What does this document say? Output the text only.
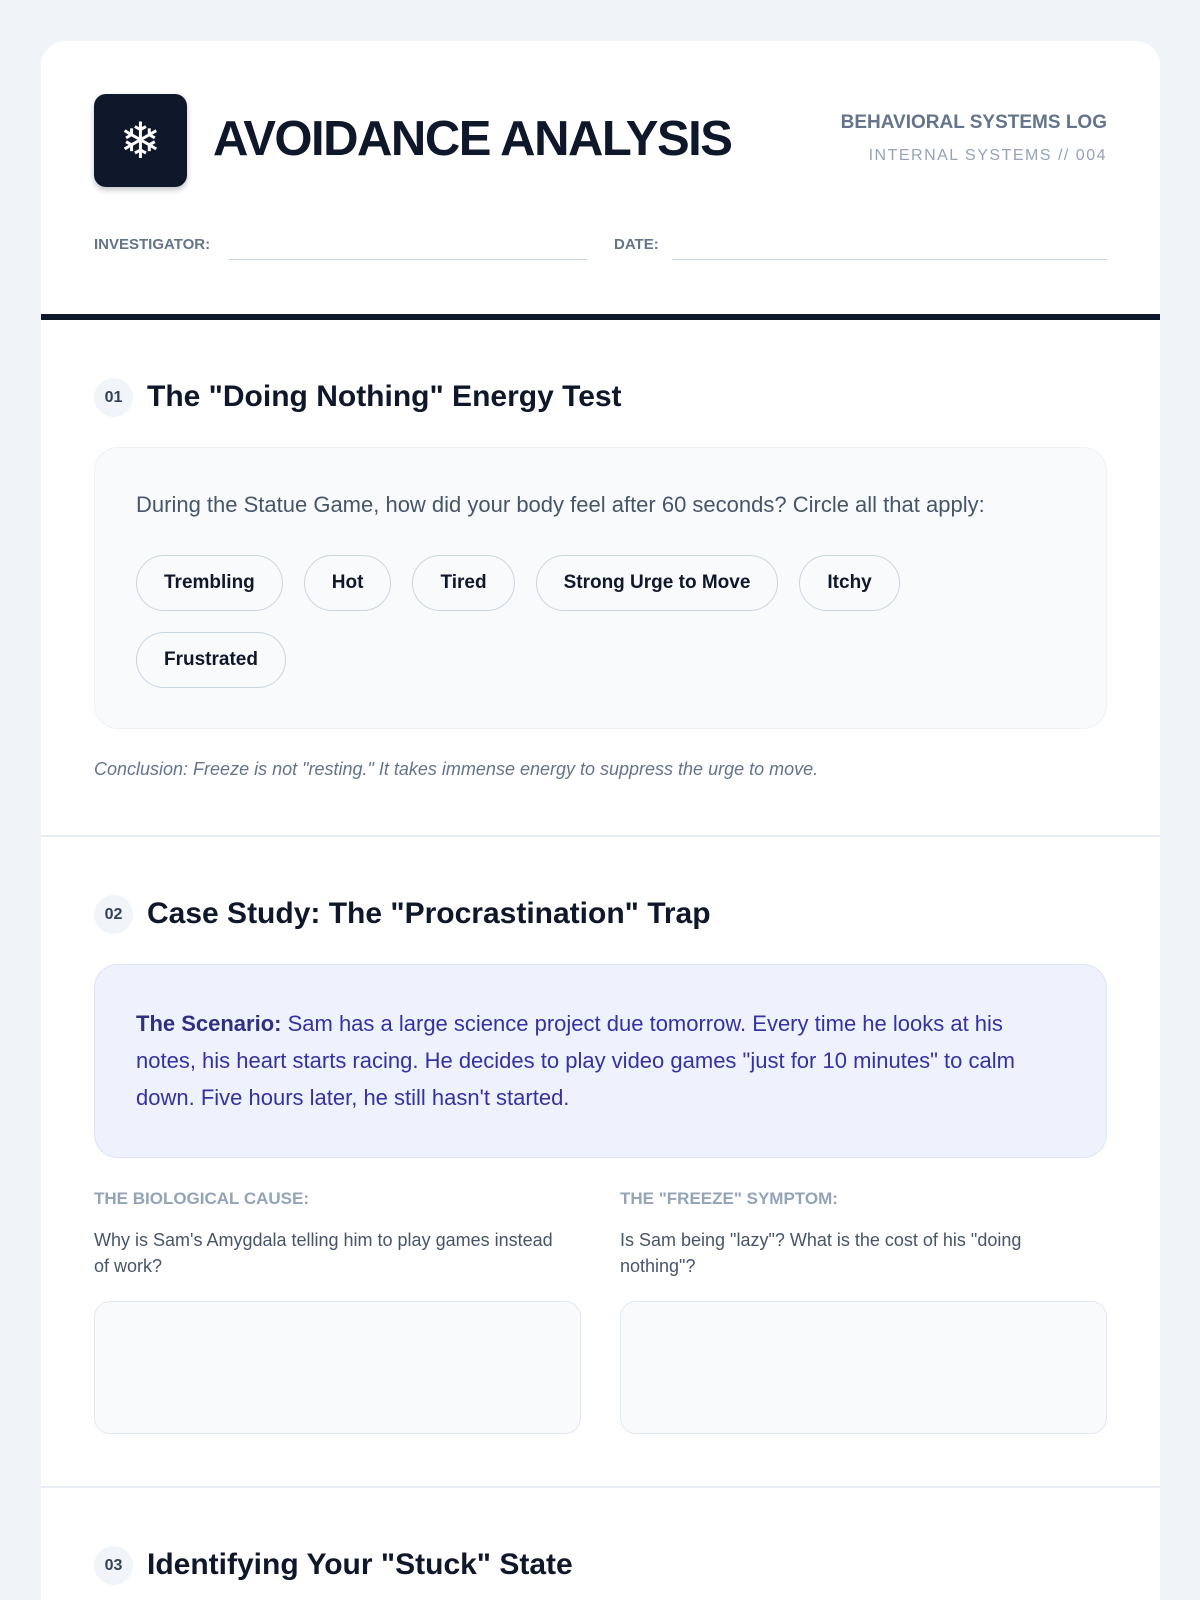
❄ AVOIDANCE ANALYSIS	BEHAVIORAL SYSTEMS LOG
INTERNAL SYSTEMS // 004
INVESTIGATOR:	DATE:
01 The "Doing Nothing" Energy Test
During the Statue Game, how did your body feel after 60 seconds? Circle all that apply:
Trembling	Hot	Tired	Strong Urge to Move	Itchy
Frustrated
Conclusion: Freeze is not "resting." It takes immense energy to suppress the urge to move.
02 Case Study: The "Procrastination" Trap
The Scenario: Sam has a large science project due tomorrow. Every time he looks at his notes, his heart starts racing. He decides to play video games "just for 10 minutes" to calm down. Five hours later, he still hasn't started.
THE BIOLOGICAL CAUSE:
Why is Sam's Amygdala telling him to play games instead of work?
THE "FREEZE" SYMPTOM:
Is Sam being "lazy"? What is the cost of his "doing nothing"?
03 Identifying Your "Stuck" State
